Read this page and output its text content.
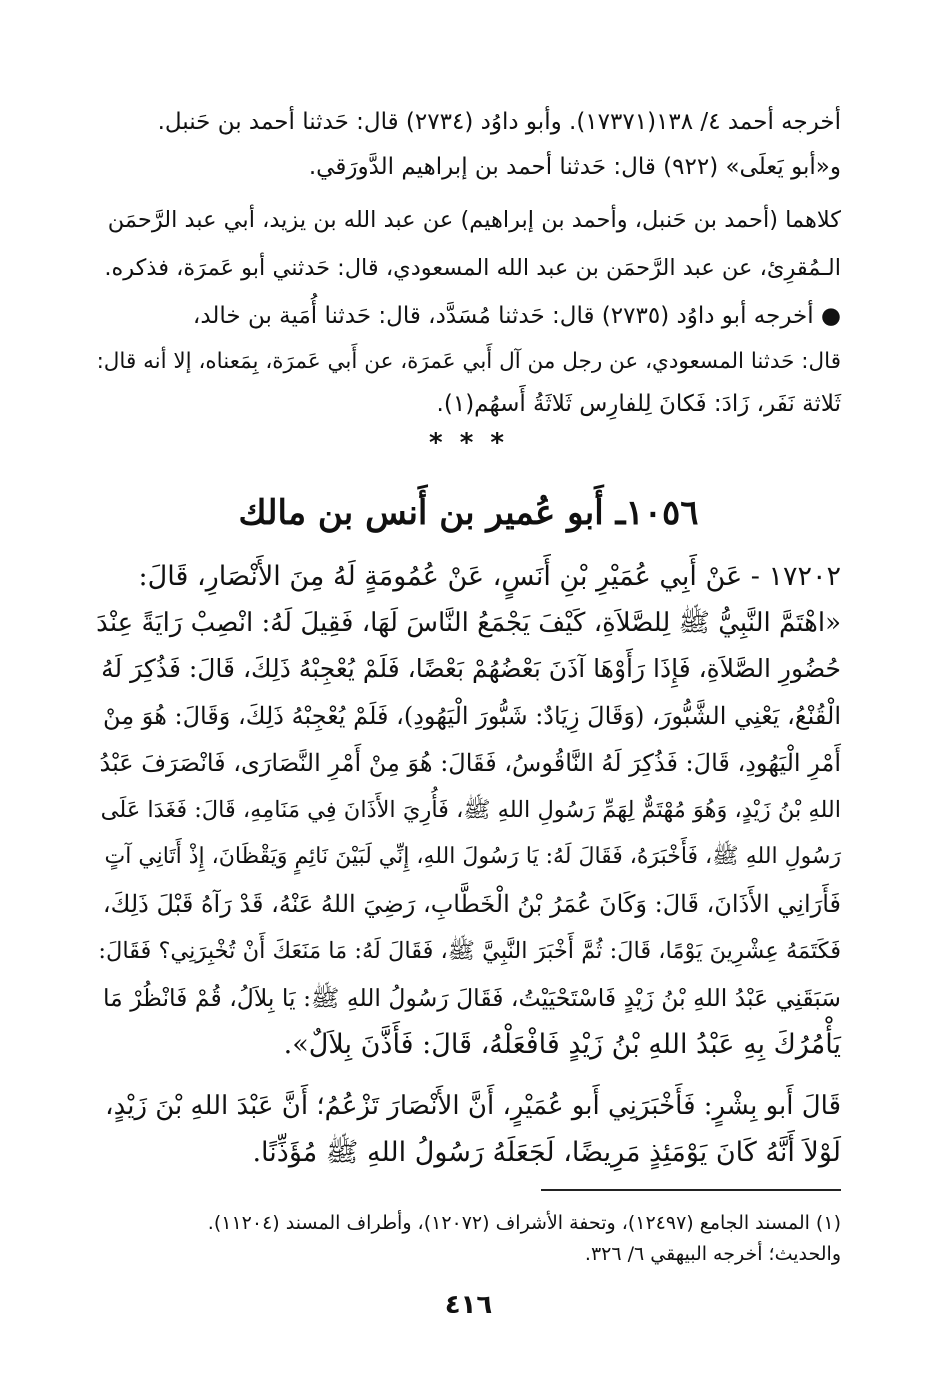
أخرجه أحمد ٤/ ١٣٨(١٧٣٧١). وأبو داوُد (٢٧٣٤) قال: حَدثنا أحمد بن حَنبل.
و«أبو يَعلَى» (٩٢٢) قال: حَدثنا أحمد بن إبراهيم الدَّورَقي.
كلاهما (أحمد بن حَنبل، وأحمد بن إبراهيم) عن عبد الله بن يزيد، أبي عبد الرَّحمَن
الـمُقرِئ، عن عبد الرَّحمَن بن عبد الله المسعودي، قال: حَدثني أبو عَمرَة، فذكره.
● أخرجه أبو داوُد (٢٧٣٥) قال: حَدثنا مُسَدَّد، قال: حَدثنا أُمَية بن خالد،
قال: حَدثنا المسعودي، عن رجل من آل أَبي عَمرَة، عن أَبي عَمرَة، بِمَعناه، إلا أنه قال:
ثَلاثة نَفَر، زَادَ: فَكانَ لِلفارِس ثَلاثَةُ أَسهُم(١).
* * *
١٠٥٦ـ أَبو عُمير بن أَنس بن مالك
١٧٢٠٢ - عَنْ أَبِي عُمَيْرِ بْنِ أَنَسٍ، عَنْ عُمُومَةٍ لَهُ مِنَ الأَنْصَارِ، قَالَ:
«اهْتَمَّ النَّبِيُّ ﷺ لِلصَّلاَةِ، كَيْفَ يَجْمَعُ النَّاسَ لَهَا، فَقِيلَ لَهُ: انْصِبْ رَايَةً عِنْدَ
حُضُورِ الصَّلاَةِ، فَإِذَا رَأَوْهَا آذَنَ بَعْضُهُمْ بَعْضًا، فَلَمْ يُعْجِبْهُ ذَلِكَ، قَالَ: فَذُكِرَ لَهُ
الْقُنْعُ، يَعْنِي الشَّبُّورَ، (وَقَالَ زِيَادٌ: شَبُّورَ الْيَهُودِ)، فَلَمْ يُعْجِبْهُ ذَلِكَ، وَقَالَ: هُوَ مِنْ
أَمْرِ الْيَهُودِ، قَالَ: فَذُكِرَ لَهُ النَّاقُوسُ، فَقَالَ: هُوَ مِنْ أَمْرِ النَّصَارَى، فَانْصَرَفَ عَبْدُ
اللهِ بْنُ زَيْدٍ، وَهُوَ مُهْتَمٌّ لِهَمِّ رَسُولِ اللهِ ﷺ، فَأُرِيَ الأَذَانَ فِي مَنَامِهِ، قَالَ: فَغَدَا عَلَى
رَسُولِ اللهِ ﷺ، فَأَخْبَرَهُ، فَقَالَ لَهُ: يَا رَسُولَ اللهِ، إِنِّي لَبَيْنَ نَائِمٍ وَيَقْظَانَ، إِذْ أَتَانِي آتٍ
فَأَرَانِي الأَذَانَ، قَالَ: وَكَانَ عُمَرُ بْنُ الْخَطَّابِ، رَضِيَ اللهُ عَنْهُ، قَدْ رَآهُ قَبْلَ ذَلِكَ،
فَكَتَمَهُ عِشْرِينَ يَوْمًا، قَالَ: ثُمَّ أَخْبَرَ النَّبِيَّ ﷺ، فَقَالَ لَهُ: مَا مَنَعَكَ أَنْ تُخْبِرَنِي؟ فَقَالَ:
سَبَقَنِي عَبْدُ اللهِ بْنُ زَيْدٍ فَاسْتَحْيَيْتُ، فَقَالَ رَسُولُ اللهِ ﷺ: يَا بِلاَلُ، قُمْ فَانْظُرْ مَا
يَأْمُرُكَ بِهِ عَبْدُ اللهِ بْنُ زَيْدٍ فَافْعَلْهُ، قَالَ: فَأَذَّنَ بِلاَلٌ».
قَالَ أَبو بِشْرٍ: فَأَخْبَرَنِي أَبو عُمَيْرٍ، أَنَّ الأَنْصَارَ تَزْعُمُ؛ أَنَّ عَبْدَ اللهِ بْنَ زَيْدٍ،
لَوْلاَ أَنَّهُ كَانَ يَوْمَئِذٍ مَرِيضًا، لَجَعَلَهُ رَسُولُ اللهِ ﷺ مُؤَذِّنًا.
(١) المسند الجامع (١٢٤٩٧)، وتحفة الأشراف (١٢٠٧٢)، وأطراف المسند (١١٢٠٤).
والحديث؛ أخرجه البيهقي ٦/ ٣٢٦.
٤١٦
